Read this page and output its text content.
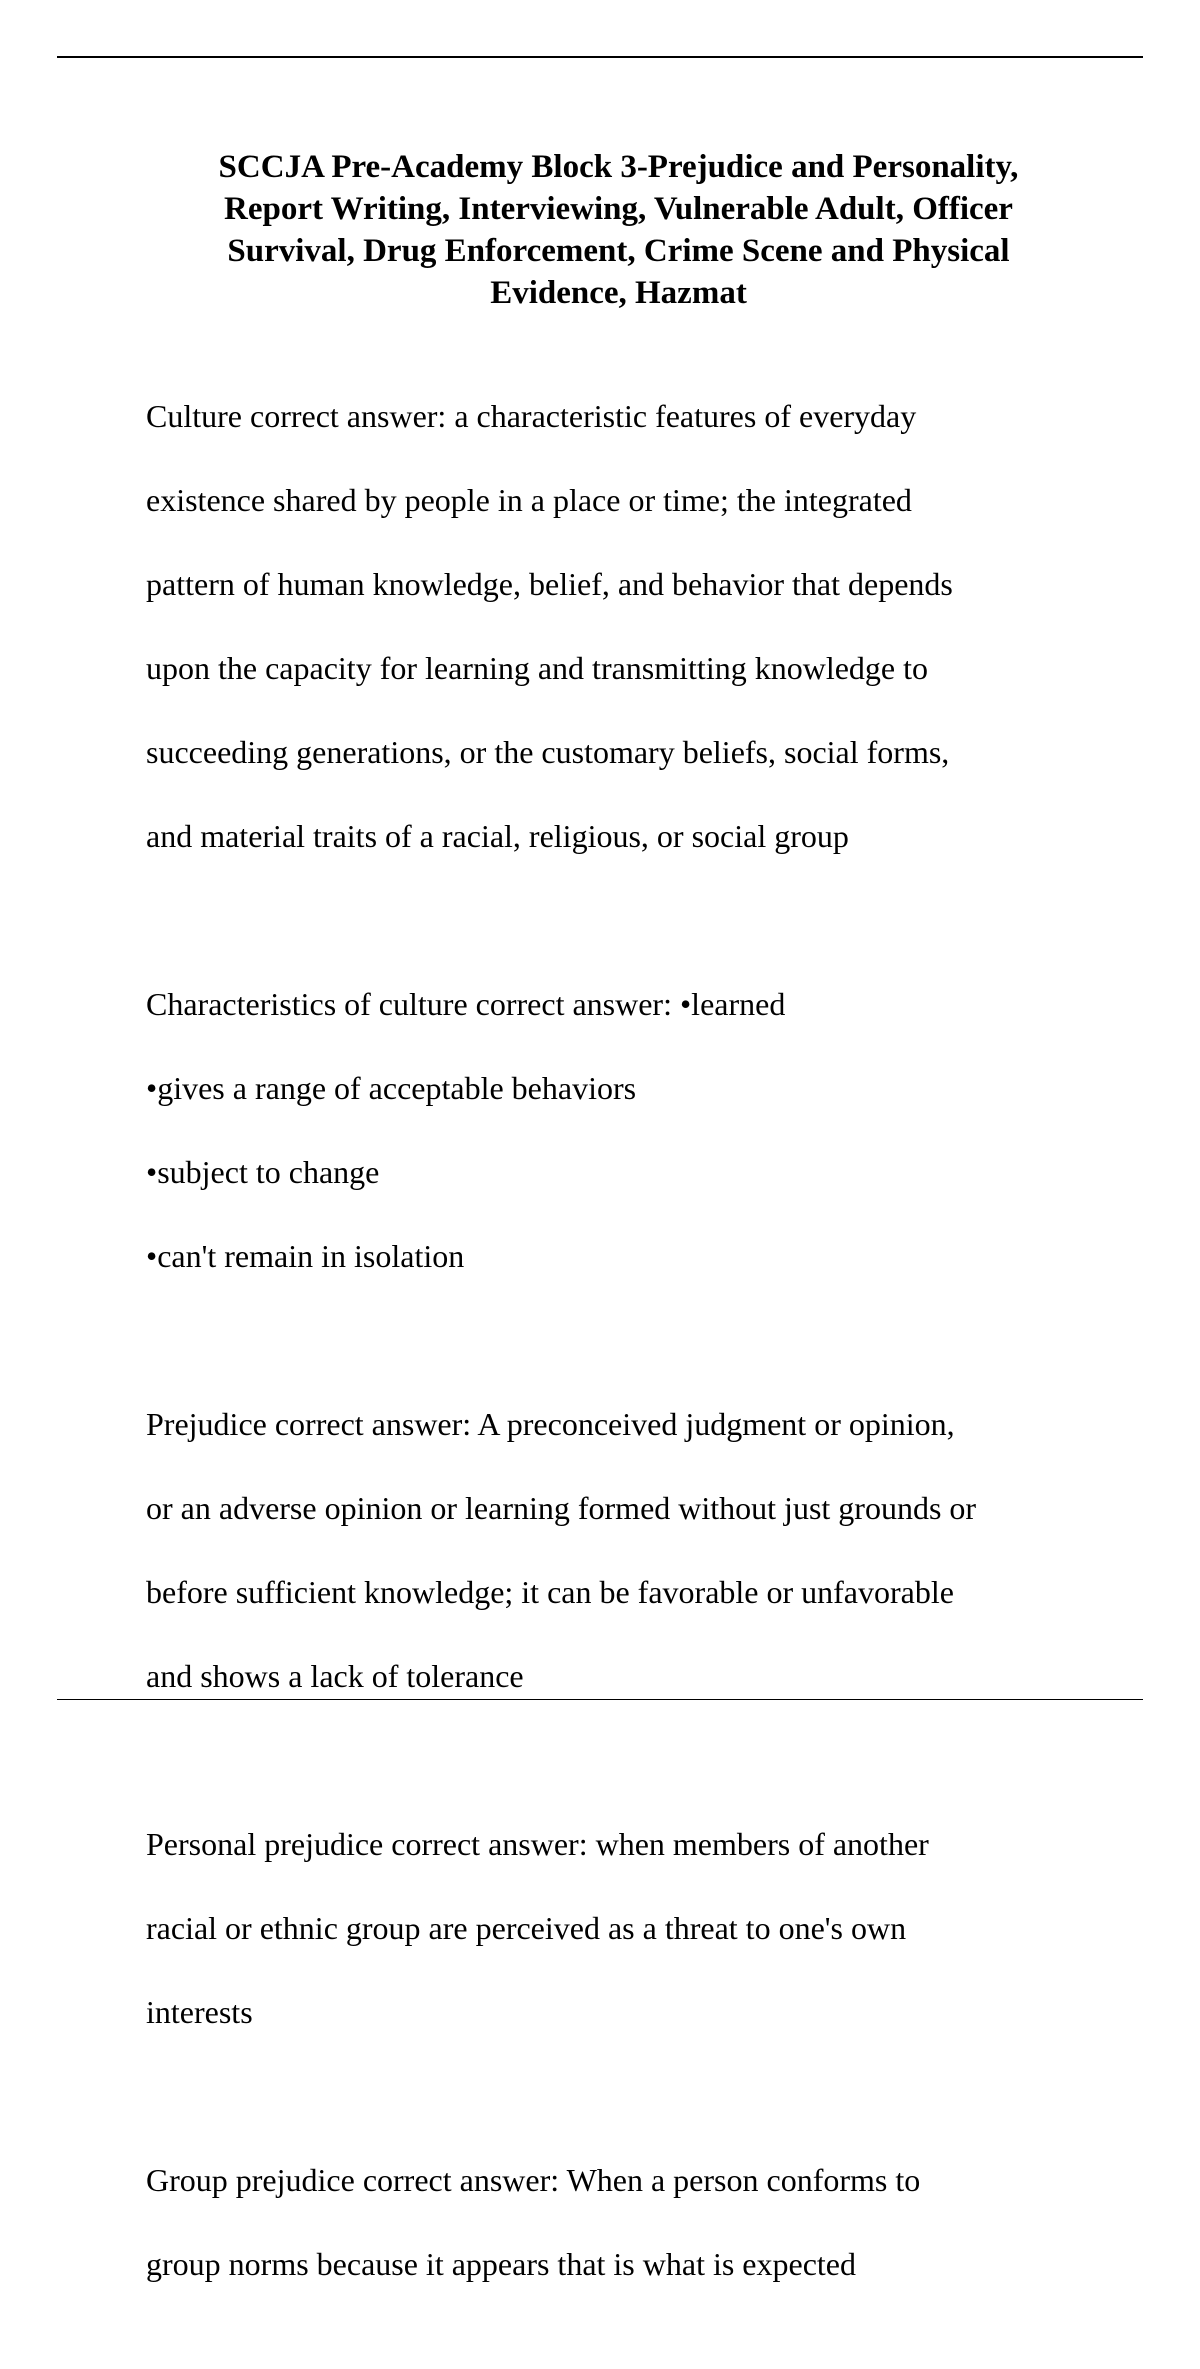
SCCJA Pre-Academy Block 3-Prejudice and Personality,
Report Writing, Interviewing, Vulnerable Adult, Officer
Survival, Drug Enforcement, Crime Scene and Physical
Evidence, Hazmat

Culture correct answer: a characteristic features of everyday

existence shared by people in a place or time; the integrated

pattern of human knowledge, belief, and behavior that depends

upon the capacity for learning and transmitting knowledge to

succeeding generations, or the customary beliefs, social forms,

and material traits of a racial, religious, or social group

Characteristics of culture correct answer: •learned

•gives a range of acceptable behaviors

•subject to change

•can't remain in isolation

Prejudice correct answer: A preconceived judgment or opinion,

or an adverse opinion or learning formed without just grounds or

before sufficient knowledge; it can be favorable or unfavorable

and shows a lack of tolerance

Personal prejudice correct answer: when members of another

racial or ethnic group are perceived as a threat to one's own

interests

Group prejudice correct answer: When a person conforms to

group norms because it appears that is what is expected
